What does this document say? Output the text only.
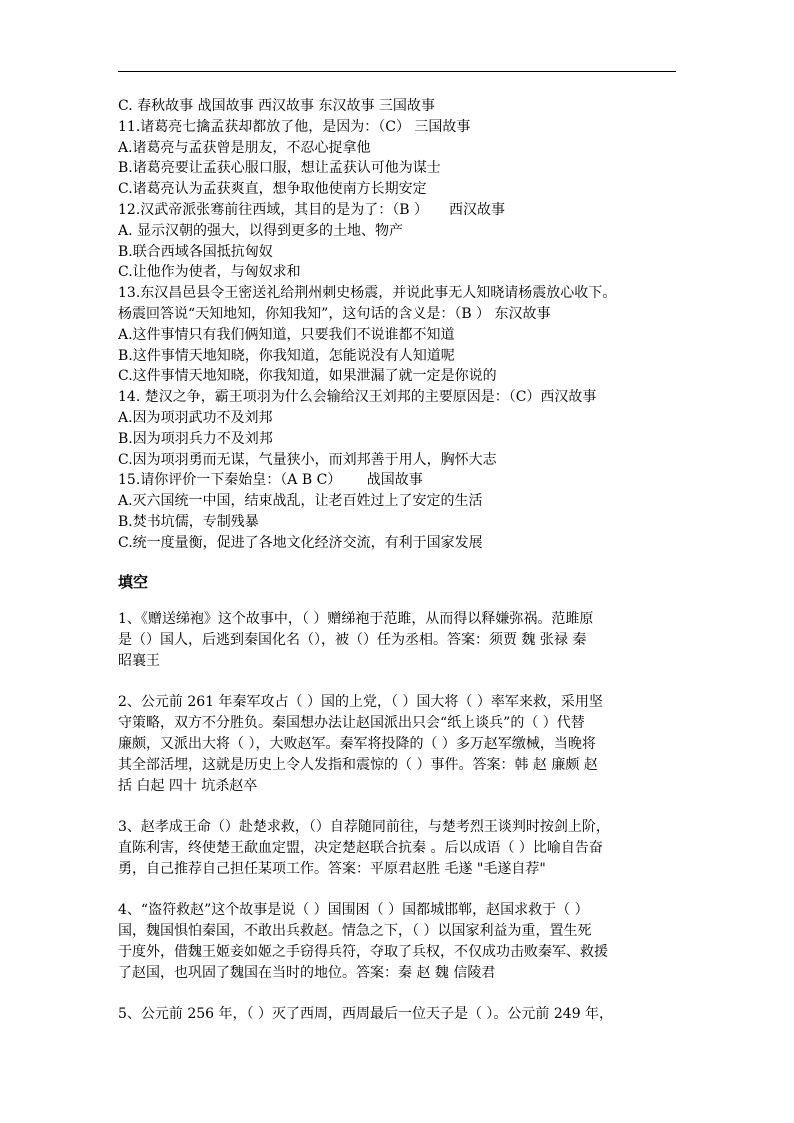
C. 春秋故事 战国故事 西汉故事 东汉故事 三国故事
11.诸葛亮七擒孟获却都放了他，是因为：（C） 三国故事
A.诸葛亮与孟获曾是朋友，不忍心捉拿他
B.诸葛亮要让孟获心服口服，想让孟获认可他为谋士
C.诸葛亮认为孟获爽直，想争取他使南方长期安定
12.汉武帝派张骞前往西域，其目的是为了：（B ）　　西汉故事
A. 显示汉朝的强大，以得到更多的土地、物产
B.联合西域各国抵抗匈奴
C.让他作为使者，与匈奴求和
13.东汉昌邑县令王密送礼给荆州刺史杨震，并说此事无人知晓请杨震放心收下。
杨震回答说“天知地知，你知我知”，这句话的含义是：（B ） 东汉故事
A.这件事情只有我们俩知道，只要我们不说谁都不知道
B.这件事情天地知晓，你我知道，怎能说没有人知道呢
C.这件事情天地知晓，你我知道，如果泄漏了就一定是你说的
14. 楚汉之争，霸王项羽为什么会输给汉王刘邦的主要原因是：（C）西汉故事
A.因为项羽武功不及刘邦
B.因为项羽兵力不及刘邦
C.因为项羽勇而无谋，气量狭小，而刘邦善于用人，胸怀大志
15.请你评价一下秦始皇：（A B C）　　 战国故事
A.灭六国统一中国，结束战乱，让老百姓过上了安定的生活
B.焚书坑儒，专制残暴
C.统一度量衡，促进了各地文化经济交流，有利于国家发展
填空
1、《赠送绨袍》这个故事中，（ ）赠绨袍于范雎，从而得以释嫌弥祸。范雎原
是（）国人，后逃到秦国化名（），被（）任为丞相。答案：须贾 魏 张禄 秦
昭襄王
2、公元前 261 年秦军攻占（ ）国的上党，（ ）国大将（ ）率军来救，采用坚
守策略，双方不分胜负。秦国想办法让赵国派出只会“纸上谈兵”的（ ）代替
廉颇，又派出大将（ ），大败赵军。秦军将投降的（ ）多万赵军缴械，当晚将
其全部活埋，这就是历史上令人发指和震惊的（ ）事件。答案：韩 赵 廉颇 赵
括 白起 四十 坑杀赵卒
3、赵孝成王命（）赴楚求救，（）自荐随同前往，与楚考烈王谈判时按剑上阶，
直陈利害，终使楚王歃血定盟，决定楚赵联合抗秦 。后以成语（ ）比喻自告奋
勇，自己推荐自己担任某项工作。答案：平原君赵胜 毛遂 "毛遂自荐"
4、“盗符救赵”这个故事是说（ ）国围困（ ）国都城邯郸，赵国求救于（ ）
国，魏国惧怕秦国，不敢出兵救赵。情急之下，（ ）以国家利益为重，置生死
于度外，借魏王姬妾如姬之手窃得兵符，夺取了兵权，不仅成功击败秦军、救援
了赵国，也巩固了魏国在当时的地位。答案：秦 赵 魏 信陵君
5、公元前 256 年，（ ）灭了西周，西周最后一位天子是（ ）。公元前 249 年，
